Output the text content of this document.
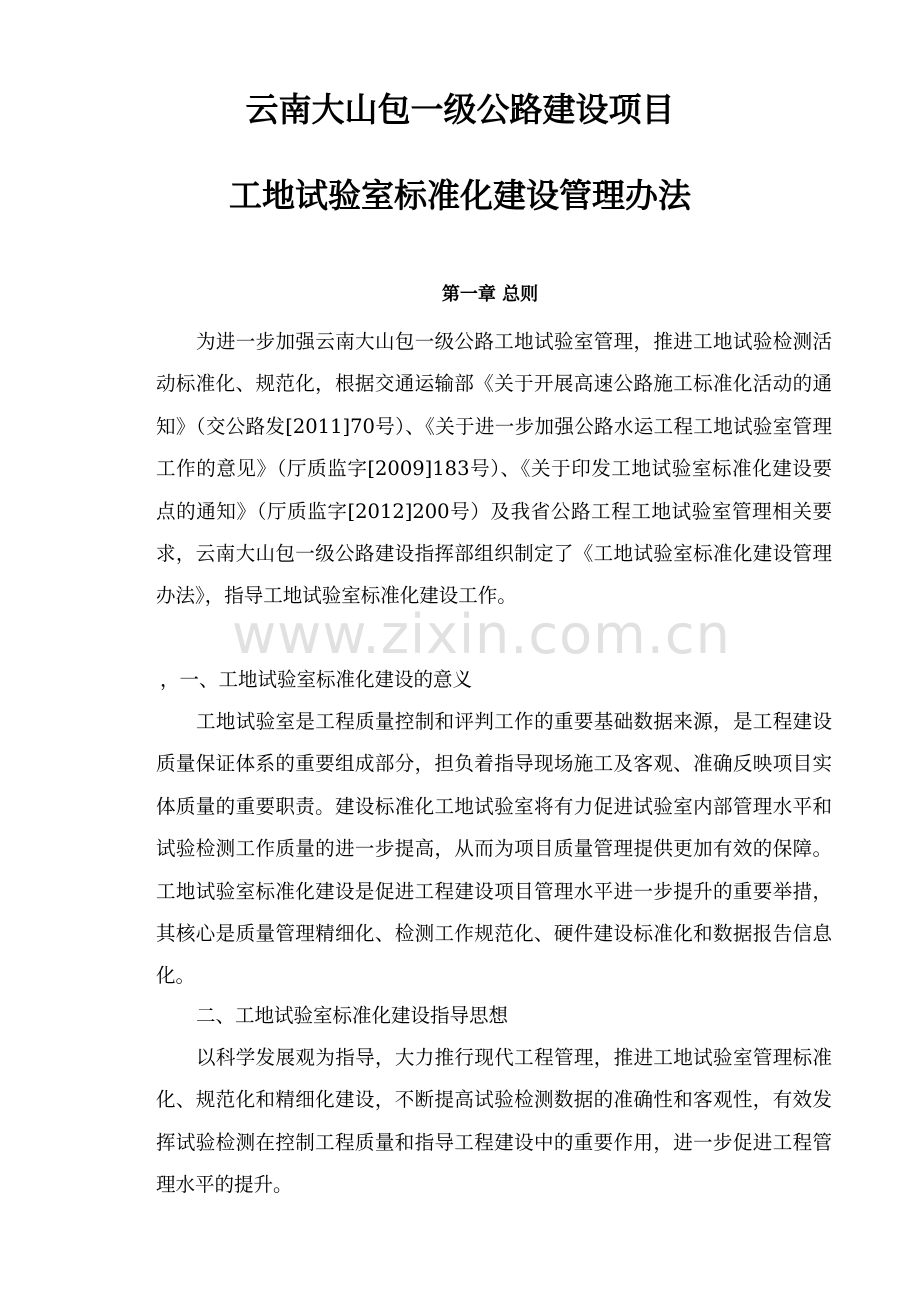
云南大山包一级公路建设项目
工地试验室标准化建设管理办法
第一章 总则

为进一步加强云南大山包一级公路工地试验室管理，推进工地试验检测活动标准化、规范化，根据交通运输部《关于开展高速公路施工标准化活动的通知》（交公路发[2011]70号）、《关于进一步加强公路水运工程工地试验室管理工作的意见》（厅质监字[2009]183号）、《关于印发工地试验室标准化建设要点的通知》（厅质监字[2012]200号）及我省公路工程工地试验室管理相关要求，云南大山包一级公路建设指挥部组织制定了《工地试验室标准化建设管理办法》，指导工地试验室标准化建设工作。

，一、工地试验室标准化建设的意义

工地试验室是工程质量控制和评判工作的重要基础数据来源，是工程建设质量保证体系的重要组成部分，担负着指导现场施工及客观、准确反映项目实体质量的重要职责。建设标准化工地试验室将有力促进试验室内部管理水平和试验检测工作质量的进一步提高，从而为项目质量管理提供更加有效的保障。工地试验室标准化建设是促进工程建设项目管理水平进一步提升的重要举措，其核心是质量管理精细化、检测工作规范化、硬件建设标准化和数据报告信息化。

二、工地试验室标准化建设指导思想

以科学发展观为指导，大力推行现代工程管理，推进工地试验室管理标准化、规范化和精细化建设，不断提高试验检测数据的准确性和客观性，有效发挥试验检测在控制工程质量和指导工程建设中的重要作用，进一步促进工程管理水平的提升。

www.zixin.com.cn
